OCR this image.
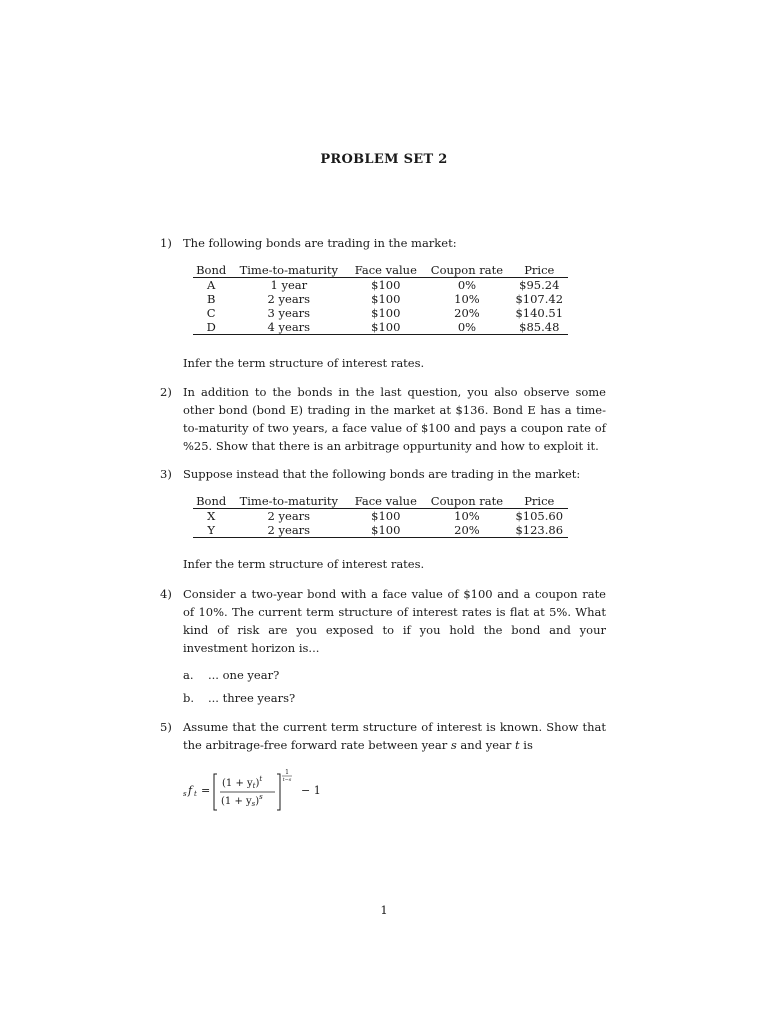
PROBLEM SET 2
1) The following bonds are trading in the market:
Bond	Time-to-maturity	Face value	Coupon rate	Price
A	1 year	$100	0%	$95.24
B	2 years	$100	10%	$107.42
C	3 years	$100	20%	$140.51
D	4 years	$100	0%	$85.48
Infer the term structure of interest rates.
2) In addition to the bonds in the last question, you also observe some other bond (bond E) trading in the market at $136. Bond E has a time-to-maturity of two years, a face value of $100 and pays a coupon rate of %25. Show that there is an arbitrage oppurtunity and how to exploit it.
3) Suppose instead that the following bonds are trading in the market:
Bond	Time-to-maturity	Face value	Coupon rate	Price
X	2 years	$100	10%	$105.60
Y	2 years	$100	20%	$123.86
Infer the term structure of interest rates.
4) Consider a two-year bond with a face value of $100 and a coupon rate of 10%. The current term structure of interest rates is flat at 5%. What kind of risk are you exposed to if you hold the bond and your investment horizon is...
a. ... one year?
b. ... three years?
5) Assume that the current term structure of interest is known. Show that the arbitrage-free forward rate between year s and year t is
s f t =
$(1 + y_t)^t$
$(1 + y_s)^s$
1
t−s
− 1
1
